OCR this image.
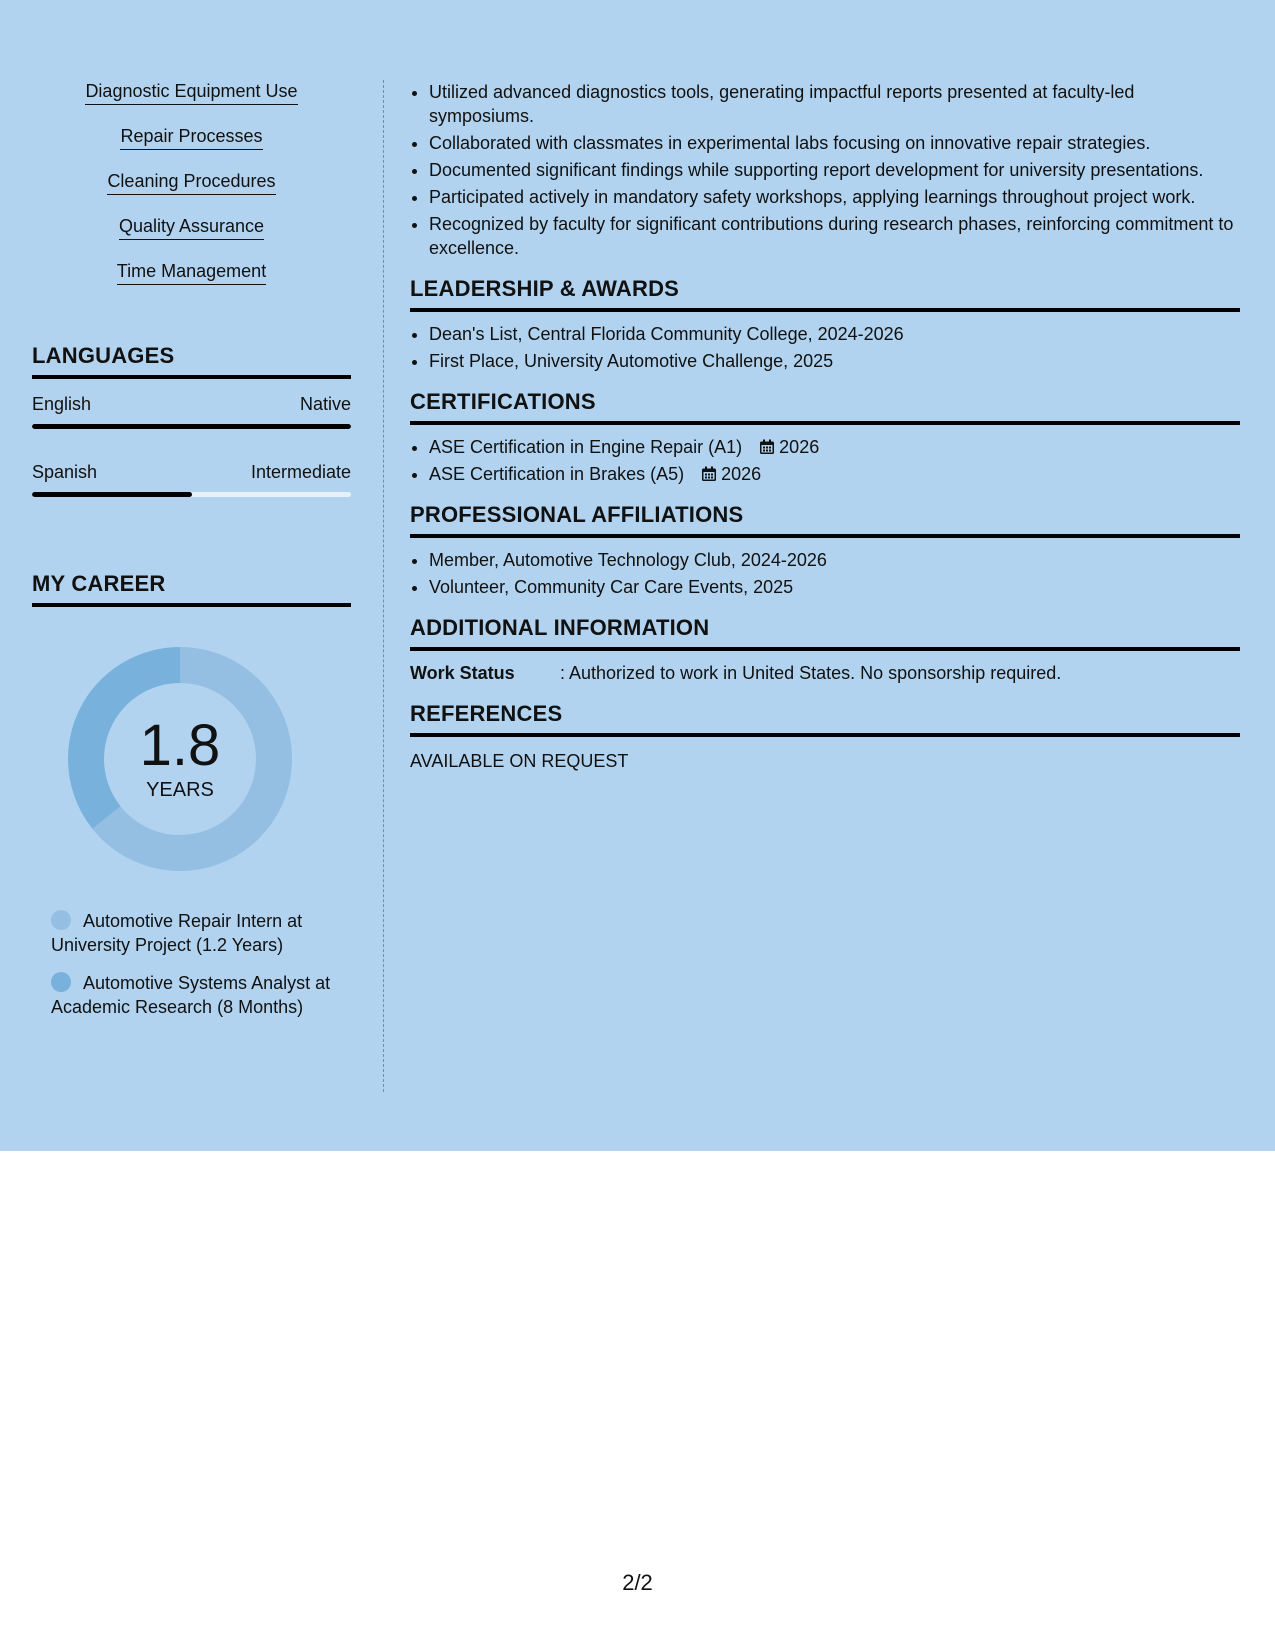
Diagnostic Equipment Use
Repair Processes
Cleaning Procedures
Quality Assurance
Time Management
LANGUAGES
English	Native
Spanish	Intermediate
MY CAREER
1.8
YEARS
Automotive Repair Intern at University Project (1.2 Years)
Automotive Systems Analyst at Academic Research (8 Months)
• Utilized advanced diagnostics tools, generating impactful reports presented at faculty-led symposiums.
• Collaborated with classmates in experimental labs focusing on innovative repair strategies.
• Documented significant findings while supporting report development for university presentations.
• Participated actively in mandatory safety workshops, applying learnings throughout project work.
• Recognized by faculty for significant contributions during research phases, reinforcing commitment to excellence.
LEADERSHIP & AWARDS
• Dean's List, Central Florida Community College, 2024-2026
• First Place, University Automotive Challenge, 2025
CERTIFICATIONS
• ASE Certification in Engine Repair (A1) 2026
• ASE Certification in Brakes (A5) 2026
PROFESSIONAL AFFILIATIONS
• Member, Automotive Technology Club, 2024-2026
• Volunteer, Community Car Care Events, 2025
ADDITIONAL INFORMATION
Work Status	: Authorized to work in United States. No sponsorship required.
REFERENCES
AVAILABLE ON REQUEST
2/2
